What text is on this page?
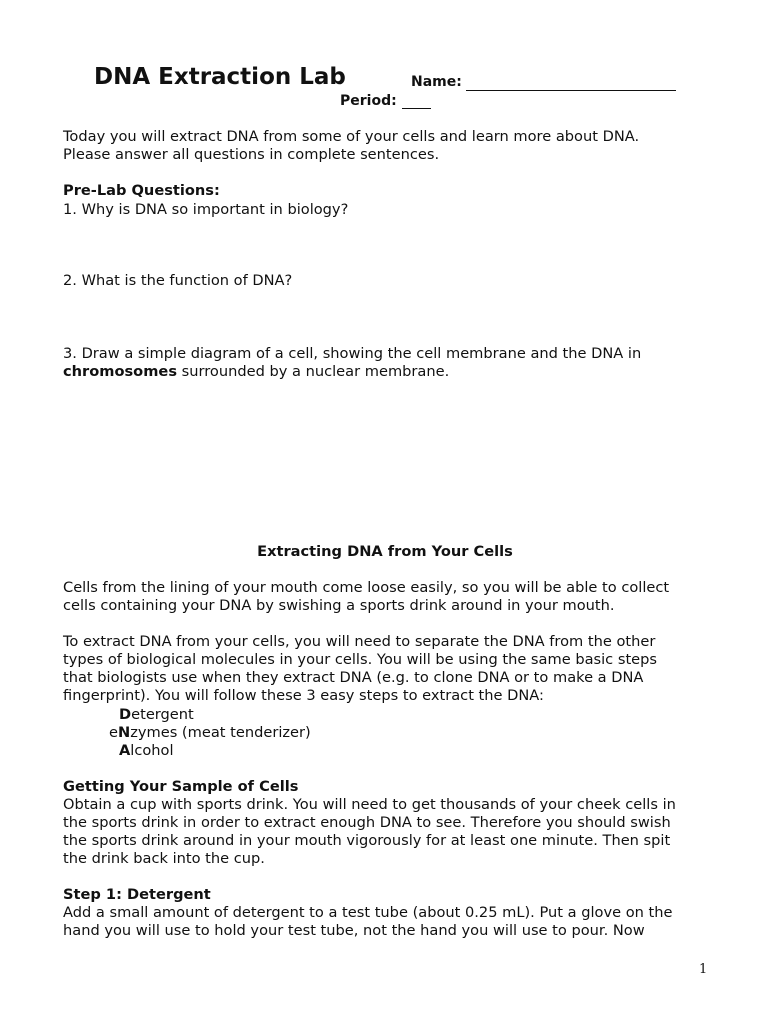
DNA Extraction Lab	Name:
Period:
Today you will extract DNA from some of your cells and learn more about DNA.
Please answer all questions in complete sentences.
Pre-Lab Questions:
1. Why is DNA so important in biology?
2. What is the function of DNA?
3. Draw a simple diagram of a cell, showing the cell membrane and the DNA in
chromosomes surrounded by a nuclear membrane.
Extracting DNA from Your Cells
Cells from the lining of your mouth come loose easily, so you will be able to collect
cells containing your DNA by swishing a sports drink around in your mouth.
To extract DNA from your cells, you will need to separate the DNA from the other
types of biological molecules in your cells. You will be using the same basic steps
that biologists use when they extract DNA (e.g. to clone DNA or to make a DNA
fingerprint). You will follow these 3 easy steps to extract the DNA:
Detergent
eNzymes (meat tenderizer)
Alcohol
Getting Your Sample of Cells
Obtain a cup with sports drink. You will need to get thousands of your cheek cells in
the sports drink in order to extract enough DNA to see. Therefore you should swish
the sports drink around in your mouth vigorously for at least one minute. Then spit
the drink back into the cup.
Step 1: Detergent
Add a small amount of detergent to a test tube (about 0.25 mL). Put a glove on the
hand you will use to hold your test tube, not the hand you will use to pour. Now
1
